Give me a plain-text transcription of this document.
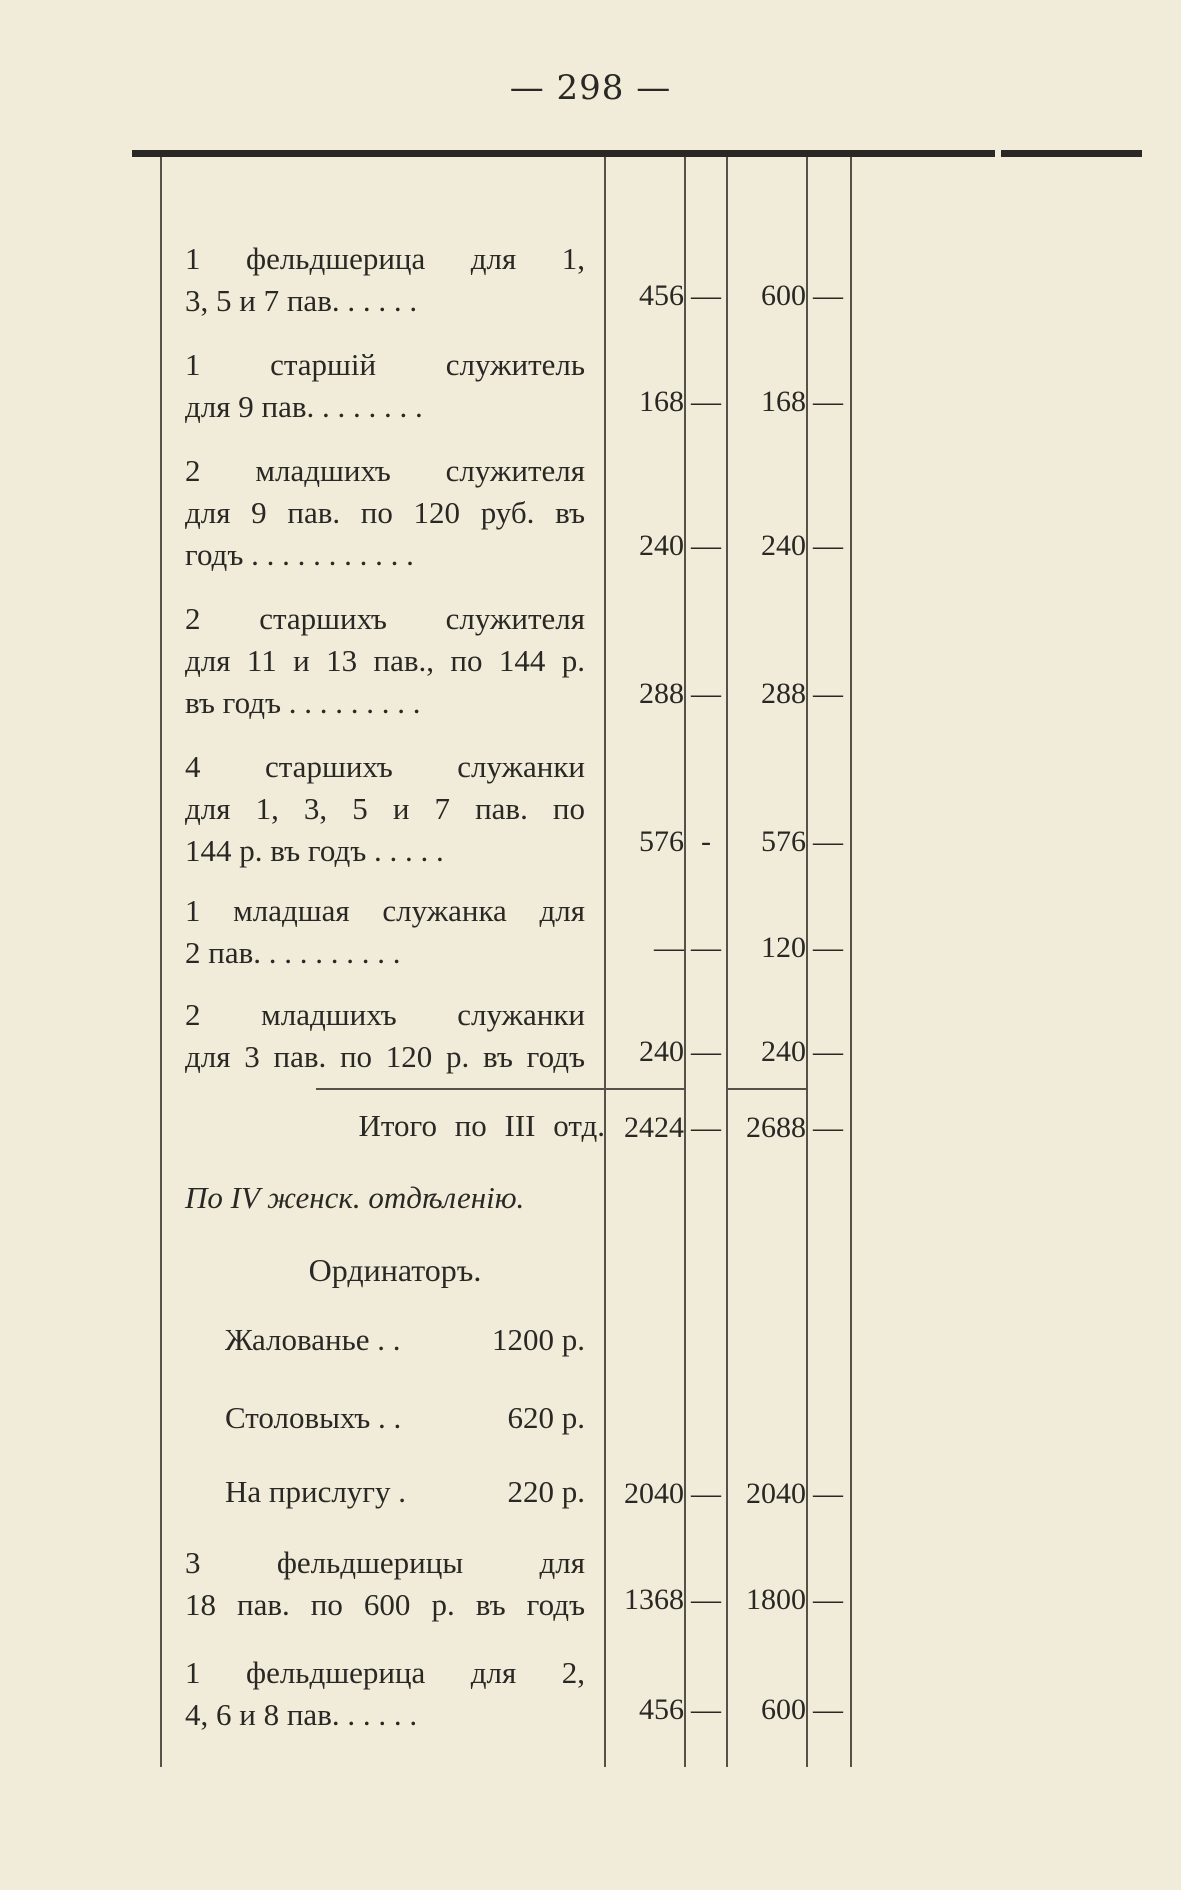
— 298 —
1 фельдшерица для 1,
3, 5 и 7 пав. . . . . .	456 —	600 —
1 старшій служитель
для 9 пав. . . . . . . .	168 —	168 —
2 младшихъ служителя
для 9 пав. по 120 руб. въ
годъ . . . . . . . . . . .	240 —	240 —
2 старшихъ служителя
для 11 и 13 пав., по 144 р.
въ годъ . . . . . . . . .	288 —	288 —
4 старшихъ служанки
для 1, 3, 5 и 7 пав. по
144 р. въ годъ . . . . .	576 -	576 —
1 младшая служанка для
2 пав. . . . . . . . . .	— —	120 —
2 младшихъ служанки
для 3 пав. по 120 р. въ годъ	240 —	240 —
Итого по III отд. 2424 — 2688 —
По IV женск. отдѣленію.
Ординаторъ.
Жалованье . .	1200 р.
Столовыхъ . .	620 р.
На прислугу .	220 р.	2040 — 2040 —
3 фельдшерицы для
18 пав. по 600 р. въ годъ	1368 — 1800 —
1 фельдшерица для 2,
4, 6 и 8 пав. . . . . .	456 —	600 —
